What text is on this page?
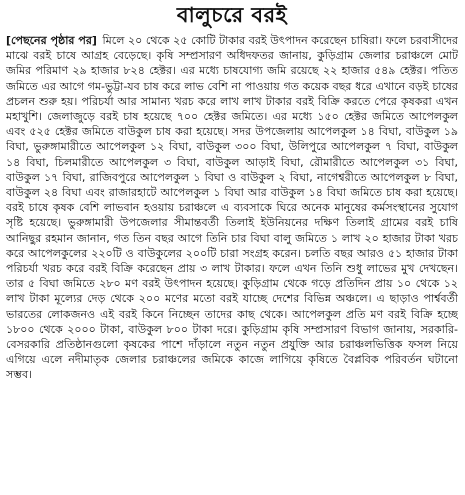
বালুচরে বরই

[পেছনের পৃষ্ঠার পর] মিলে ২০ থেকে ২৫ কোটি টাকার বরই উৎপাদন করেছেন চাষিরা। ফলে চরবাসীদের মাঝে বরই চাষে আগ্রহ বেড়েছে। কৃষি সম্প্রসারণ অধিদফতর জানায়, কুড়িগ্রাম জেলার চরাঞ্চলে মোট জমির পরিমাণ ২৯ হাজার ৮২৪ হেক্টর। এর মধ্যে চাষযোগ্য জমি রয়েছে ২২ হাজার ৫৪৯ হেক্টর। পতিত জমিতে এর আগে গম-ভুট্টা-যব চাষ করে লাভ বেশি না পাওয়ায় গত কয়েক বছর ধরে এখানে বড়ই চাষের প্রচলন শুরু হয়। পরিচর্যা আর সামান্য খরচ করে লাখ লাখ টাকার বরই বিক্রি করতে পেরে কৃষকরা এখন মহাখুশি। জেলাজুড়ে বরই চাষ হয়েছে ৭০০ হেক্টর জমিতে। এর মধ্যে ১৫০ হেক্টর জমিতে আপেলকুল এবং ৫২৫ হেক্টর জমিতে বাউকুল চাষ করা হয়েছে। সদর উপজেলায় আপেলকুল ১৪ বিঘা, বাউকুল ১৯ বিঘা, ভুরুঙ্গামারীতে আপেলকুল ১২ বিঘা, বাউকুল ৩০০ বিঘা, উলিপুরে আপেলকুল ৭ বিঘা, বাউকুল ১৪ বিঘা, চিলমারীতে আপেলকুল ৩ বিঘা, বাউকুল আড়াই বিঘা, রৌমারীতে আপেলকুল ৩১ বিঘা, বাউকুল ১৭ বিঘা, রাজিবপুরে আপেলকুল ১ বিঘা ও বাউকুল ২ বিঘা, নাগেশ্বরীতে আপেলকুল ৮ বিঘা, বাউকুল ২৪ বিঘা এবং রাজারহাটে আপেলকুল ১ বিঘা আর বাউকুল ১৪ বিঘা জমিতে চাষ করা হয়েছে। বরই চাষে কৃষক বেশি লাভবান হওয়ায় চরাঞ্চলে এ ব্যবসাকে ঘিরে অনেক মানুষের কর্মসংস্থানের সুযোগ সৃষ্টি হয়েছে। ভুরুঙ্গামারী উপজেলার সীমান্তবর্তী তিলাই ইউনিয়নের দক্ষিণ তিলাই গ্রামের বরই চাষি আনিছুর রহমান জানান, গত তিন বছর আগে তিনি চার বিঘা বালু জমিতে ১ লাখ ২০ হাজার টাকা খরচ করে আপেলকুলের ২২০টি ও বাউকুলের ২০০টি চারা সংগ্রহ করেন। চলতি বছর আরও ৫১ হাজার টাকা পরিচর্যা খরচ করে বরই বিক্রি করেছেন প্রায় ৩ লাখ টাকার। ফলে এখন তিনি শুধু লাভের মুখ দেখছেন। তার ৫ বিঘা জমিতে ২৮০ মণ বরই উৎপাদন হয়েছে। কুড়িগ্রাম থেকে গড়ে প্রতিদিন প্রায় ১০ থেকে ১২ লাখ টাকা মূল্যের দেড় থেকে ২০০ মণের মতো বরই যাচ্ছে দেশের বিভিন্ন অঞ্চলে। এ ছাড়াও পার্শ্ববর্তী ভারতের লোকজনও এই বরই কিনে নিচ্ছেন তাদের কাছ থেকে। আপেলকুল প্রতি মণ বরই বিক্রি হচ্ছে ১৮০০ থেকে ২০০০ টাকা, বাউকুল ৮০০ টাকা দরে। কুড়িগ্রাম কৃষি সম্প্রসারণ বিভাগ জানায়, সরকারি-বেসরকারি প্রতিষ্ঠানগুলো কৃষকের পাশে দাঁড়ালে নতুন নতুন প্রযুক্তি আর চরাঞ্চলভিত্তিক ফসল নিয়ে এগিয়ে এলে নদীমাতৃক জেলার চরাঞ্চলের জমিকে কাজে লাগিয়ে কৃষিতে বৈপ্লবিক পরিবর্তন ঘটানো সম্ভব।
